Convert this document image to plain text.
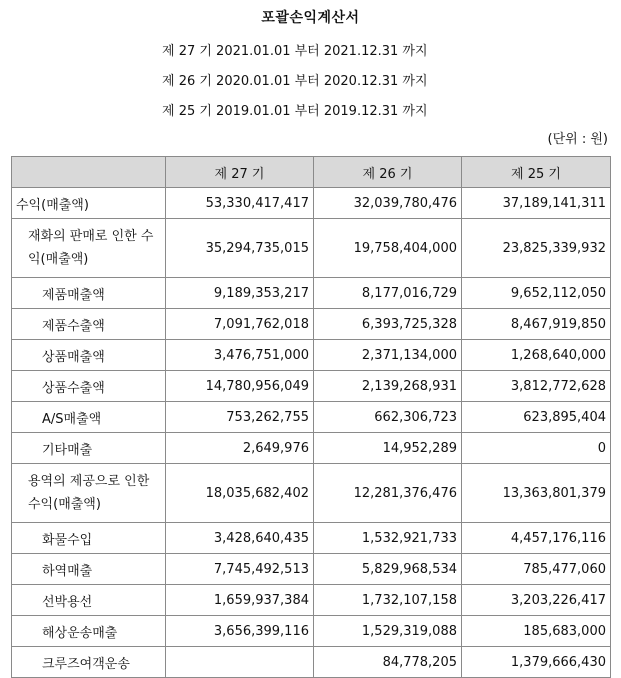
포괄손익계산서
제 27 기 2021.01.01 부터 2021.12.31 까지
제 26 기 2020.01.01 부터 2020.12.31 까지
제 25 기 2019.01.01 부터 2019.12.31 까지
(단위 : 원)
	제 27 기	제 26 기	제 25 기
수익(매출액)	53,330,417,417	32,039,780,476	37,189,141,311

재화의 판매로 인한 수익(매출액)	35,294,735,015	19,758,404,000	23,825,339,932
제품매출액	9,189,353,217	8,177,016,729	9,652,112,050
제품수출액	7,091,762,018	6,393,725,328	8,467,919,850
상품매출액	3,476,751,000	2,371,134,000	1,268,640,000
상품수출액	14,780,956,049	2,139,268,931	3,812,772,628
A/S매출액	753,262,755	662,306,723	623,895,404
기타매출	2,649,976	14,952,289	0

용역의 제공으로 인한 수익(매출액)	18,035,682,402	12,281,376,476	13,363,801,379
화물수입	3,428,640,435	1,532,921,733	4,457,176,116
하역매출	7,745,492,513	5,829,968,534	785,477,060
선박용선	1,659,937,384	1,732,107,158	3,203,226,417
해상운송매출	3,656,399,116	1,529,319,088	185,683,000
크루즈여객운송		84,778,205	1,379,666,430
